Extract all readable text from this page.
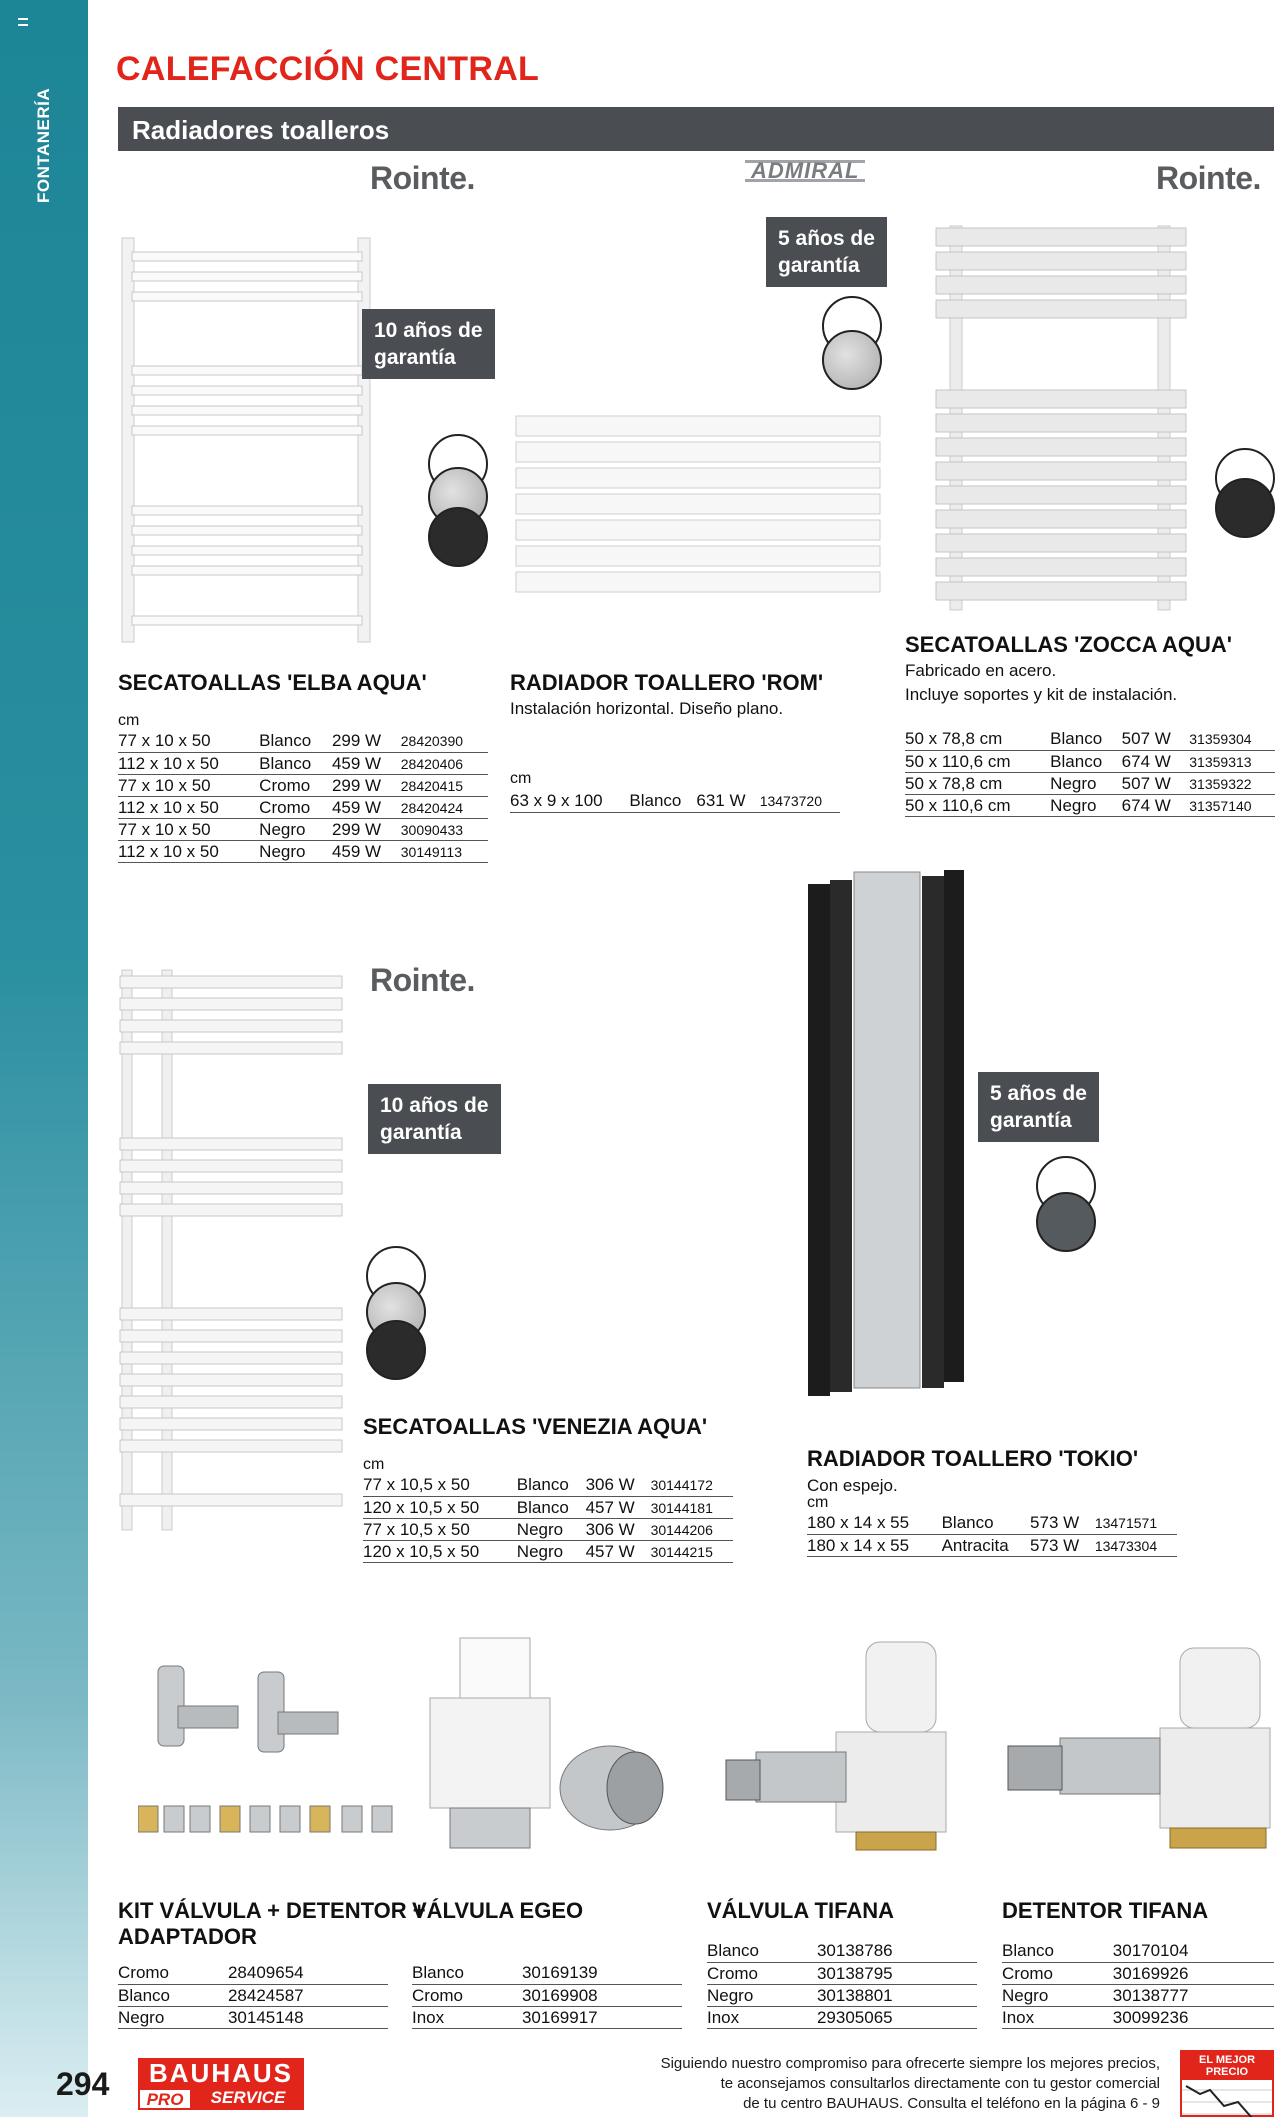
FONTANERÍA
CALEFACCIÓN CENTRAL
Radiadores toalleros
Rointe.	ADMIRAL	Rointe.
Rointe.
10 años de
garantía
SECATOALLAS 'ELBA AQUA'
cm
77 x 10 x 50	Blanco	299 W	28420390
112 x 10 x 50	Blanco	459 W	28420406
77 x 10 x 50	Cromo	299 W	28420415
112 x 10 x 50	Cromo	459 W	28420424
77 x 10 x 50	Negro	299 W	30090433
112 x 10 x 50	Negro	459 W	30149113
5 años de
garantía
RADIADOR TOALLERO 'ROM'
Instalación horizontal. Diseño plano.
cm
63 x 9 x 100	Blanco	631 W	13473720
SECATOALLAS 'ZOCCA AQUA'
Fabricado en acero.
Incluye soportes y kit de instalación.
50 x 78,8 cm	Blanco	507 W	31359304
50 x 110,6 cm	Blanco	674 W	31359313
50 x 78,8 cm	Negro	507 W	31359322
50 x 110,6 cm	Negro	674 W	31357140
10 años de
garantía
SECATOALLAS 'VENEZIA AQUA'
cm
77 x 10,5 x 50	Blanco	306 W	30144172
120 x 10,5 x 50	Blanco	457 W	30144181
77 x 10,5 x 50	Negro	306 W	30144206
120 x 10,5 x 50	Negro	457 W	30144215
5 años de
garantía
RADIADOR TOALLERO 'TOKIO'
Con espejo.
cm
180 x 14 x 55	Blanco	573 W	13471571
180 x 14 x 55	Antracita	573 W	13473304
KIT VÁLVULA + DETENTOR +
ADAPTADOR
Cromo	28409654
Blanco	28424587
Negro	30145148
VÁLVULA EGEO
Blanco	30169139
Cromo	30169908
Inox	30169917
VÁLVULA TIFANA
Blanco	30138786
Cromo	30138795
Negro	30138801
Inox	29305065
DETENTOR TIFANA
Blanco	30170104
Cromo	30169926
Negro	30138777
Inox	30099236
294	BAUHAUS
PRO	SERVICE
Siguiendo nuestro compromiso para ofrecerte siempre los mejores precios,
te aconsejamos consultarlos directamente con tu gestor comercial
de tu centro BAUHAUS. Consulta el teléfono en la página 6 - 9
EL MEJOR PRECIO
